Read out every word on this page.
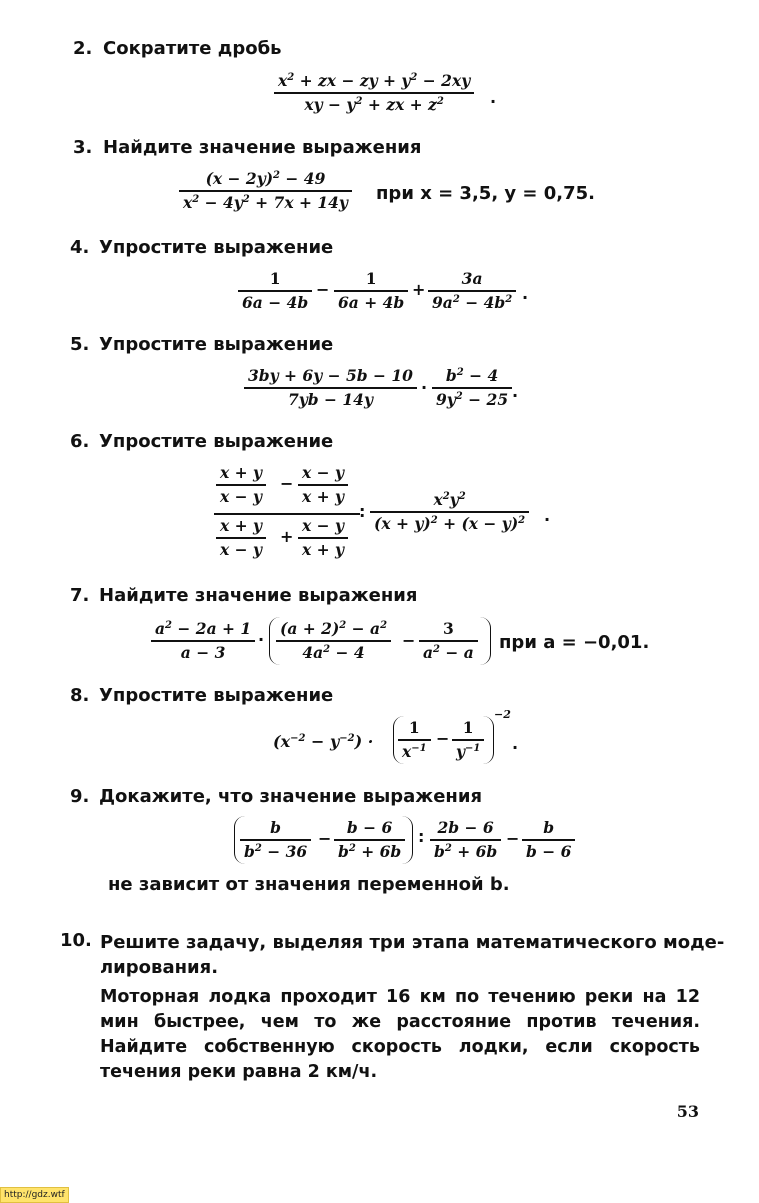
2. Сократите дробь
$x^2$ + zx − zy + $y^2 - 2xy$
xy − $y^2$ + zx + $z^2$	.
3. Найдите значение выражения
$(x - 2y)^2 - 49$
$x^2 - 4y^2 + 7x + 14y$ при x = 3,5, y = 0,75.
4. Упростите выражение
1
6a − 4b
−
1
6a + 4b
+
3a
$9a^2 - 4b^2$ .
5. Упростите выражение
3by + 6y − 5b − 10
7yb − 14y
·
$b^2 - 4$
$9y^2 - 25$ .
6. Упростите выражение
x + y
x − y
−
x − y
x + y
x + y
x − y
+
x − y
x + y
:
$x^2y^2$
$(x + y)^2 + (x - y)^2$ .
7. Найдите значение выражения
$a^2 - 2a + 1$
a − 3
·
$(a + 2)^2 - a^2$
$4a^2 - 4$
−
3
$a^2 - a$ при a = −0,01.
8. Упростите выражение
$(x^{-2} - y^{-2})$ ·
1
$x^{-1}$ −
1
$y^{-1}$
−2
.
9. Докажите, что значение выражения
b
$b^2 - 36$
−
b − 6
$b^2 + 6b$
: 2b − 6
$b^2 + 6b$
−
b
b − 6
не зависит от значения переменной b.
10. Решите задачу, выделяя три этапа математического моде-
лирования.
Моторная лодка проходит 16 км по течению реки на 12 мин быстрее, чем то же расстояние против течения. Найдите собственную скорость лодки, если скорость течения реки равна 2 км/ч.
53
http://gdz.wtf
